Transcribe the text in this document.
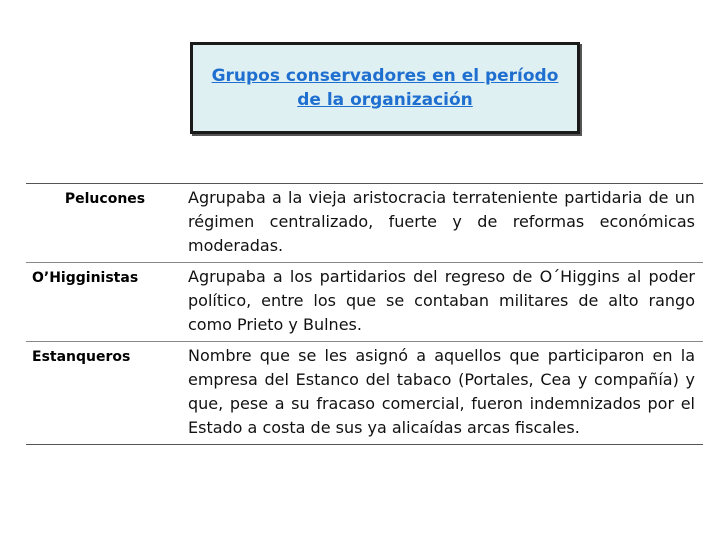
Grupos conservadores en el período
de la organización
Pelucones	Agrupaba a la vieja aristocracia terrateniente partidaria de un régimen centralizado, fuerte y de reformas económicas moderadas.
O’Higginistas	Agrupaba a los partidarios del regreso de O´Higgins al poder político, entre los que se contaban militares de alto rango como Prieto y Bulnes.
Estanqueros	Nombre que se les asignó a aquellos que participaron en la empresa del Estanco del tabaco (Portales, Cea y compañía) y que, pese a su fracaso comercial, fueron indemnizados por el Estado a costa de sus ya alicaídas arcas fiscales.
